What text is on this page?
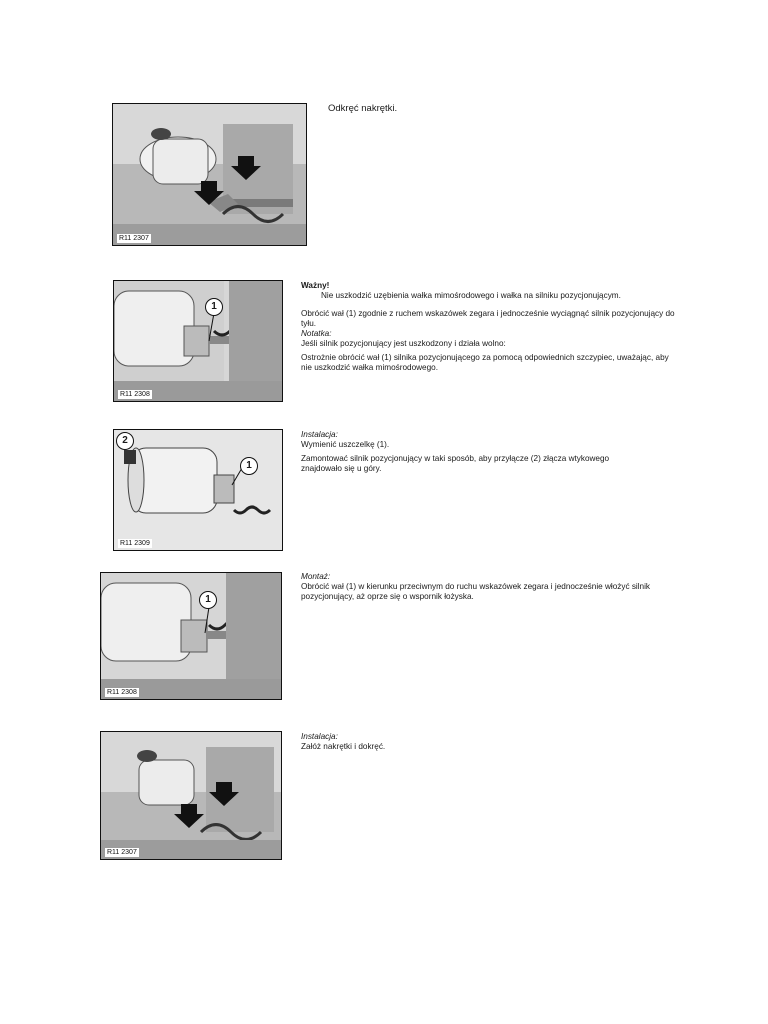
R11 2307

Odkręć nakrętki.

1
R11 2308

Ważny!

Nie uszkodzić uzębienia wałka mimośrodowego i wałka na silniku pozycjonującym.

Obrócić wał (1) zgodnie z ruchem wskazówek zegara i jednocześnie wyciągnąć silnik pozycjonujący do tyłu.

Notatka:

Jeśli silnik pozycjonujący jest uszkodzony i działa wolno:

Ostrożnie obrócić wał (1) silnika pozycjonującego za pomocą odpowiednich szczypiec, uważając, aby nie uszkodzić wałka mimośrodowego.

2
1
R11 2309

Instalacja:

Wymienić uszczelkę (1).

Zamontować silnik pozycjonujący w taki sposób, aby przyłącze (2) złącza wtykowego znajdowało się u góry.

1
R11 2308

Montaż:

Obrócić wał (1) w kierunku przeciwnym do ruchu wskazówek zegara i jednocześnie włożyć silnik pozycjonujący, aż oprze się o wspornik łożyska.

R11 2307

Instalacja:

Załóż nakrętki i dokręć.
